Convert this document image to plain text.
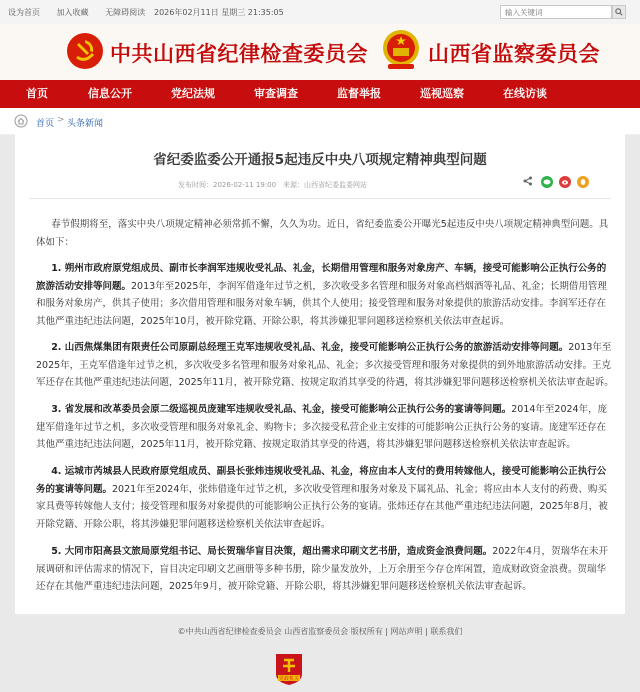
设为首页 加入收藏 无障碍阅读	2026年02月11日 星期三 21:35:05
输入关键词
中共山西省纪律检查委员会	山西省监察委员会
首页	信息公开	党纪法规	审查调查	监督举报	巡视巡察	在线访谈
首页 > 头条新闻
省纪委监委公开通报5起违反中央八项规定精神典型问题
发布时间：2026-02-11 19:00 来源：山西省纪委监委网站

春节假期将至，落实中央八项规定精神必须常抓不懈，久久为功。近日，省纪委监委公开曝光5起违反中央八项规定精神典型问题。具体如下：

1. 朔州市政府原党组成员、副市长李润军违规收受礼品、礼金，长期借用管理和服务对象房产、车辆，接受可能影响公正执行公务的旅游活动安排等问题。2013年至2025年，李润军借逢年过节之机，多次收受多名管理和服务对象高档烟酒等礼品、礼金；长期借用管理和服务对象房产，供其子使用；多次借用管理和服务对象车辆，供其个人使用；接受管理和服务对象提供的旅游活动安排。李润军还存在其他严重违纪违法问题，2025年10月，被开除党籍、开除公职，将其涉嫌犯罪问题移送检察机关依法审查起诉。

2. 山西焦煤集团有限责任公司原副总经理王克军违规收受礼品、礼金，接受可能影响公正执行公务的旅游活动安排等问题。2013年至2025年，王克军借逢年过节之机，多次收受多名管理和服务对象礼品、礼金；多次接受管理和服务对象提供的到外地旅游活动安排。王克军还存在其他严重违纪违法问题，2025年11月，被开除党籍、按规定取消其享受的待遇，将其涉嫌犯罪问题移送检察机关依法审查起诉。

3. 省发展和改革委员会原二级巡视员庞建军违规收受礼品、礼金，接受可能影响公正执行公务的宴请等问题。2014年至2024年，庞建军借逢年过节之机，多次收受管理和服务对象礼金、购物卡；多次接受私营企业主安排的可能影响公正执行公务的宴请。庞建军还存在其他严重违纪违法问题，2025年11月，被开除党籍、按规定取消其享受的待遇，将其涉嫌犯罪问题移送检察机关依法审查起诉。

4. 运城市芮城县人民政府原党组成员、副县长张炜违规收受礼品、礼金，将应由本人支付的费用转嫁他人，接受可能影响公正执行公务的宴请等问题。2021年至2024年，张炜借逢年过节之机，多次收受管理和服务对象及下属礼品、礼金；将应由本人支付的药费、购买家具费等转嫁他人支付；接受管理和服务对象提供的可能影响公正执行公务的宴请。张炜还存在其他严重违纪违法问题，2025年8月，被开除党籍、开除公职，将其涉嫌犯罪问题移送检察机关依法审查起诉。

5. 大同市阳高县文旅局原党组书记、局长贺瑞华盲目决策，超出需求印刷文艺书册，造成资金浪费问题。2022年4月，贺瑞华在未开展调研和评估需求的情况下，盲目决定印刷文艺画册等多种书册，除少量发放外，上万余册至今存仓库闲置，造成财政资金浪费。贺瑞华还存在其他严重违纪违法问题，2025年9月，被开除党籍、开除公职，将其涉嫌犯罪问题移送检察机关依法审查起诉。

©中共山西省纪律检查委员会 山西省监察委员会 版权所有 | 网站声明 | 联系我们
党政机关
